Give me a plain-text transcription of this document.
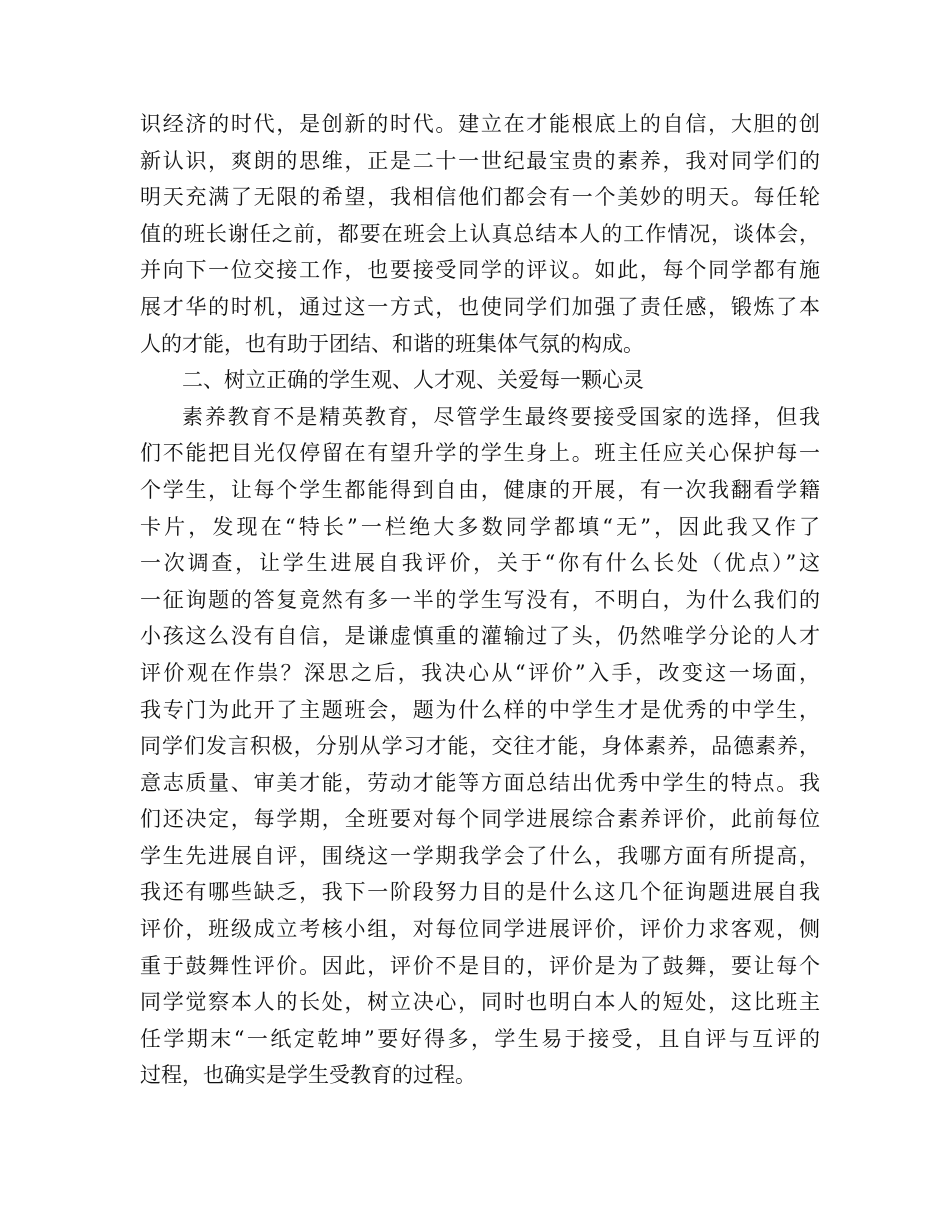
识经济的时代，是创新的时代。建立在才能根底上的自信，大胆的创
新认识，爽朗的思维，正是二十一世纪最宝贵的素养，我对同学们的
明天充满了无限的希望，我相信他们都会有一个美妙的明天。每任轮
值的班长谢任之前，都要在班会上认真总结本人的工作情况，谈体会，
并向下一位交接工作，也要接受同学的评议。如此，每个同学都有施
展才华的时机，通过这一方式，也使同学们加强了责任感，锻炼了本
人的才能，也有助于团结、和谐的班集体气氛的构成。
二、树立正确的学生观、人才观、关爱每一颗心灵
素养教育不是精英教育，尽管学生最终要接受国家的选择，但我
们不能把目光仅停留在有望升学的学生身上。班主任应关心保护每一
个学生，让每个学生都能得到自由，健康的开展，有一次我翻看学籍
卡片，发现在“特长”一栏绝大多数同学都填“无”，因此我又作了
一次调查，让学生进展自我评价，关于“你有什么长处（优点）”这
一征询题的答复竟然有多一半的学生写没有，不明白，为什么我们的
小孩这么没有自信，是谦虚慎重的灌输过了头，仍然唯学分论的人才
评价观在作祟？深思之后，我决心从“评价”入手，改变这一场面，
我专门为此开了主题班会，题为什么样的中学生才是优秀的中学生，
同学们发言积极，分别从学习才能，交往才能，身体素养，品德素养，
意志质量、审美才能，劳动才能等方面总结出优秀中学生的特点。我
们还决定，每学期，全班要对每个同学进展综合素养评价，此前每位
学生先进展自评，围绕这一学期我学会了什么，我哪方面有所提高，
我还有哪些缺乏，我下一阶段努力目的是什么这几个征询题进展自我
评价，班级成立考核小组，对每位同学进展评价，评价力求客观，侧
重于鼓舞性评价。因此，评价不是目的，评价是为了鼓舞，要让每个
同学觉察本人的长处，树立决心，同时也明白本人的短处，这比班主
任学期末“一纸定乾坤”要好得多，学生易于接受，且自评与互评的
过程，也确实是学生受教育的过程。
